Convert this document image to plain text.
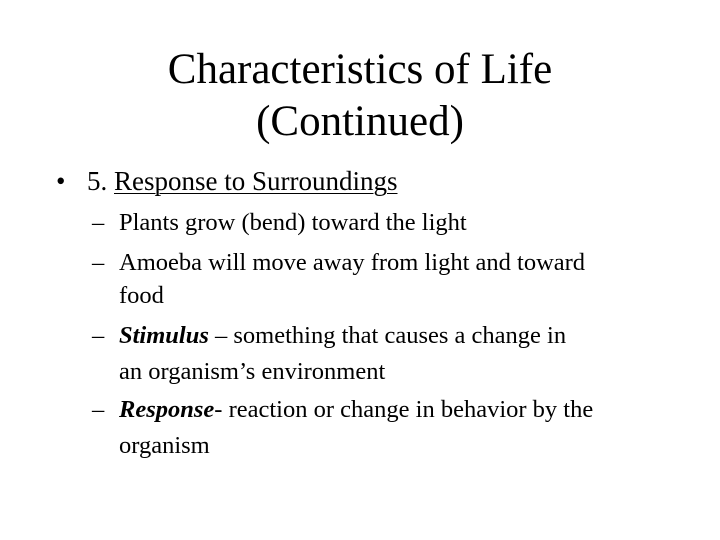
Characteristics of Life
(Continued)
• 5. Response to Surroundings
– Plants grow (bend) toward the light
– Amoeba will move away from light and toward
food
– Stimulus – something that causes a change in
an organism’s environment
– Response- reaction or change in behavior by the
organism
